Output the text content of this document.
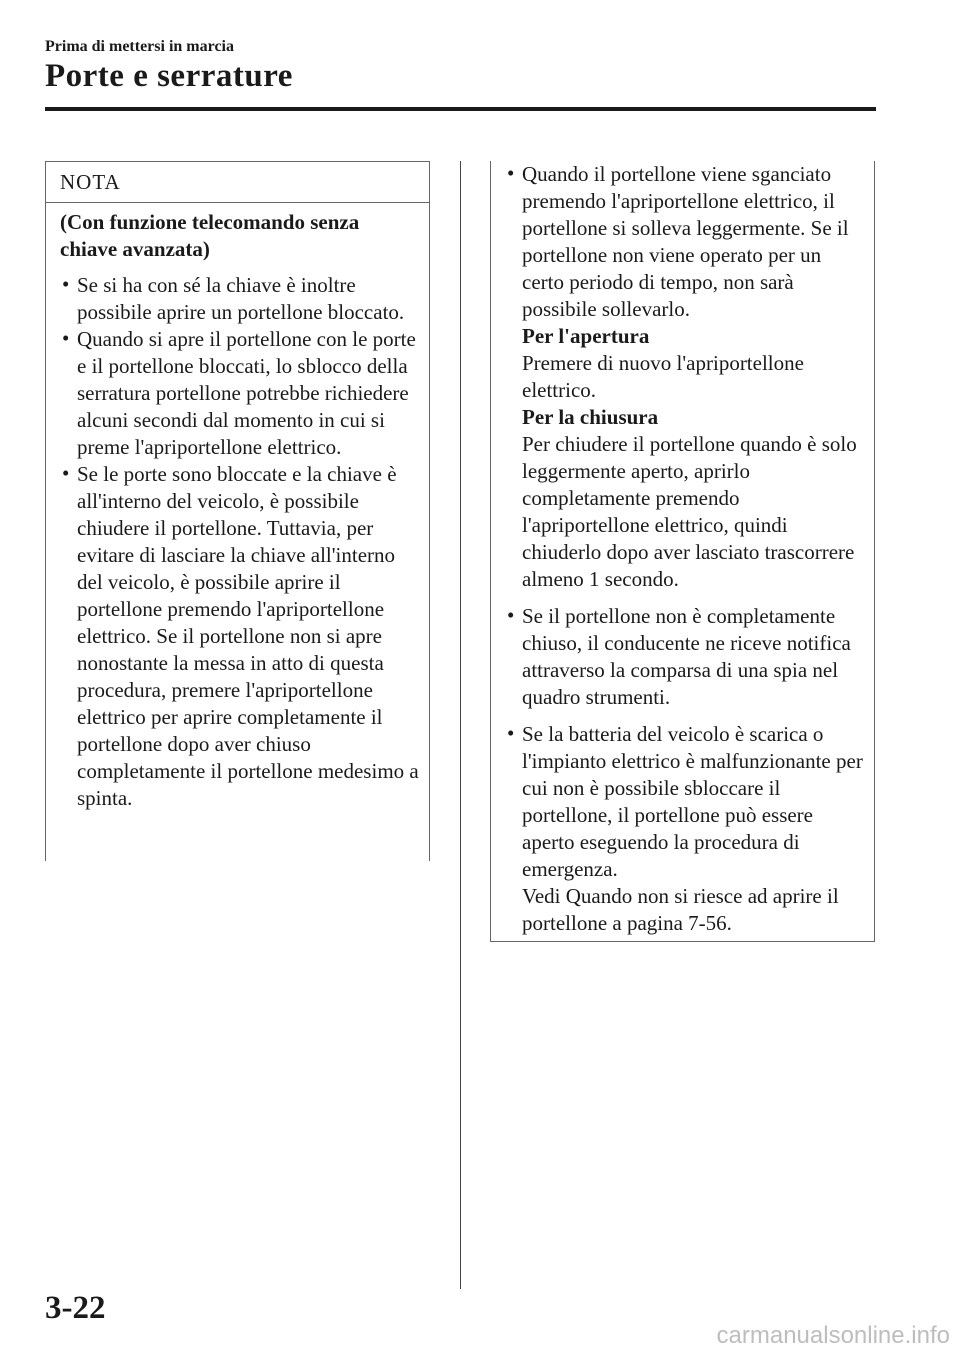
Prima di mettersi in marcia
Porte e serrature
NOTA
(Con funzione telecomando senza chiave avanzata)
• Se si ha con sé la chiave è inoltre possibile aprire un portellone bloccato.
• Quando si apre il portellone con le porte e il portellone bloccati, lo sblocco della serratura portellone potrebbe richiedere alcuni secondi dal momento in cui si preme l'apriportellone elettrico.
• Se le porte sono bloccate e la chiave è all'interno del veicolo, è possibile chiudere il portellone. Tuttavia, per evitare di lasciare la chiave all'interno del veicolo, è possibile aprire il portellone premendo l'apriportellone elettrico. Se il portellone non si apre nonostante la messa in atto di questa procedura, premere l'apriportellone elettrico per aprire completamente il portellone dopo aver chiuso completamente il portellone medesimo a spinta.
• Quando il portellone viene sganciato premendo l'apriportellone elettrico, il portellone si solleva leggermente. Se il portellone non viene operato per un certo periodo di tempo, non sarà possibile sollevarlo.
Per l'apertura
Premere di nuovo l'apriportellone elettrico.
Per la chiusura
Per chiudere il portellone quando è solo leggermente aperto, aprirlo completamente premendo l'apriportellone elettrico, quindi chiuderlo dopo aver lasciato trascorrere almeno 1 secondo.
• Se il portellone non è completamente chiuso, il conducente ne riceve notifica attraverso la comparsa di una spia nel quadro strumenti.
• Se la batteria del veicolo è scarica o l'impianto elettrico è malfunzionante per cui non è possibile sbloccare il portellone, il portellone può essere aperto eseguendo la procedura di emergenza.
Vedi Quando non si riesce ad aprire il portellone a pagina 7-56.
3-22
carmanualsonline.info
